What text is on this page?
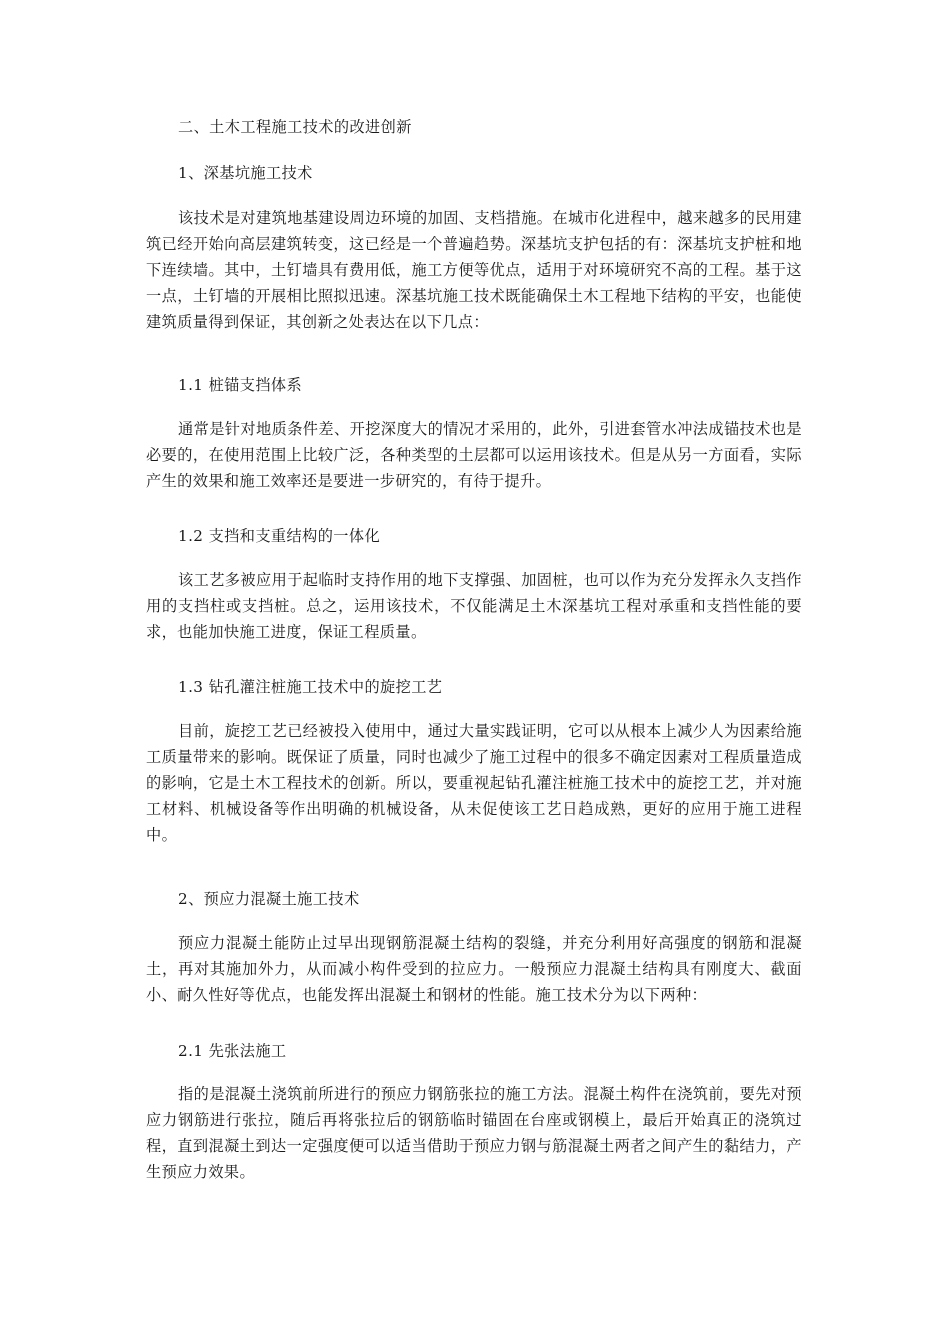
二、土木工程施工技术的改进创新

1、深基坑施工技术

该技术是对建筑地基建设周边环境的加固、支档措施。在城市化进程中，越来越多的民用建筑已经开始向高层建筑转变，这已经是一个普遍趋势。深基坑支护包括的有：深基坑支护桩和地下连续墙。其中，土钉墙具有费用低，施工方便等优点，适用于对环境研究不高的工程。基于这一点，土钉墙的开展相比照拟迅速。深基坑施工技术既能确保土木工程地下结构的平安，也能使建筑质量得到保证，其创新之处表达在以下几点：

1.1 桩锚支挡体系

通常是针对地质条件差、开挖深度大的情况才采用的，此外，引进套管水冲法成锚技术也是必要的，在使用范围上比较广泛，各种类型的土层都可以运用该技术。但是从另一方面看，实际产生的效果和施工效率还是要进一步研究的，有待于提升。

1.2 支挡和支重结构的一体化

该工艺多被应用于起临时支持作用的地下支撑强、加固桩，也可以作为充分发挥永久支挡作用的支挡柱或支挡桩。总之，运用该技术，不仅能满足土木深基坑工程对承重和支挡性能的要求，也能加快施工进度，保证工程质量。

1.3 钻孔灌注桩施工技术中的旋挖工艺

目前，旋挖工艺已经被投入使用中，通过大量实践证明，它可以从根本上减少人为因素给施工质量带来的影响。既保证了质量，同时也减少了施工过程中的很多不确定因素对工程质量造成的影响，它是土木工程技术的创新。所以，要重视起钻孔灌注桩施工技术中的旋挖工艺，并对施工材料、机械设备等作出明确的机械设备，从未促使该工艺日趋成熟，更好的应用于施工进程中。

2、预应力混凝土施工技术

预应力混凝土能防止过早出现钢筋混凝土结构的裂缝，并充分利用好高强度的钢筋和混凝土，再对其施加外力，从而减小构件受到的拉应力。一般预应力混凝土结构具有刚度大、截面小、耐久性好等优点，也能发挥出混凝土和钢材的性能。施工技术分为以下两种：

2.1 先张法施工

指的是混凝土浇筑前所进行的预应力钢筋张拉的施工方法。混凝土构件在浇筑前，要先对预应力钢筋进行张拉，随后再将张拉后的钢筋临时锚固在台座或钢模上，最后开始真正的浇筑过程，直到混凝土到达一定强度便可以适当借助于预应力钢与筋混凝土两者之间产生的黏结力，产生预应力效果。
